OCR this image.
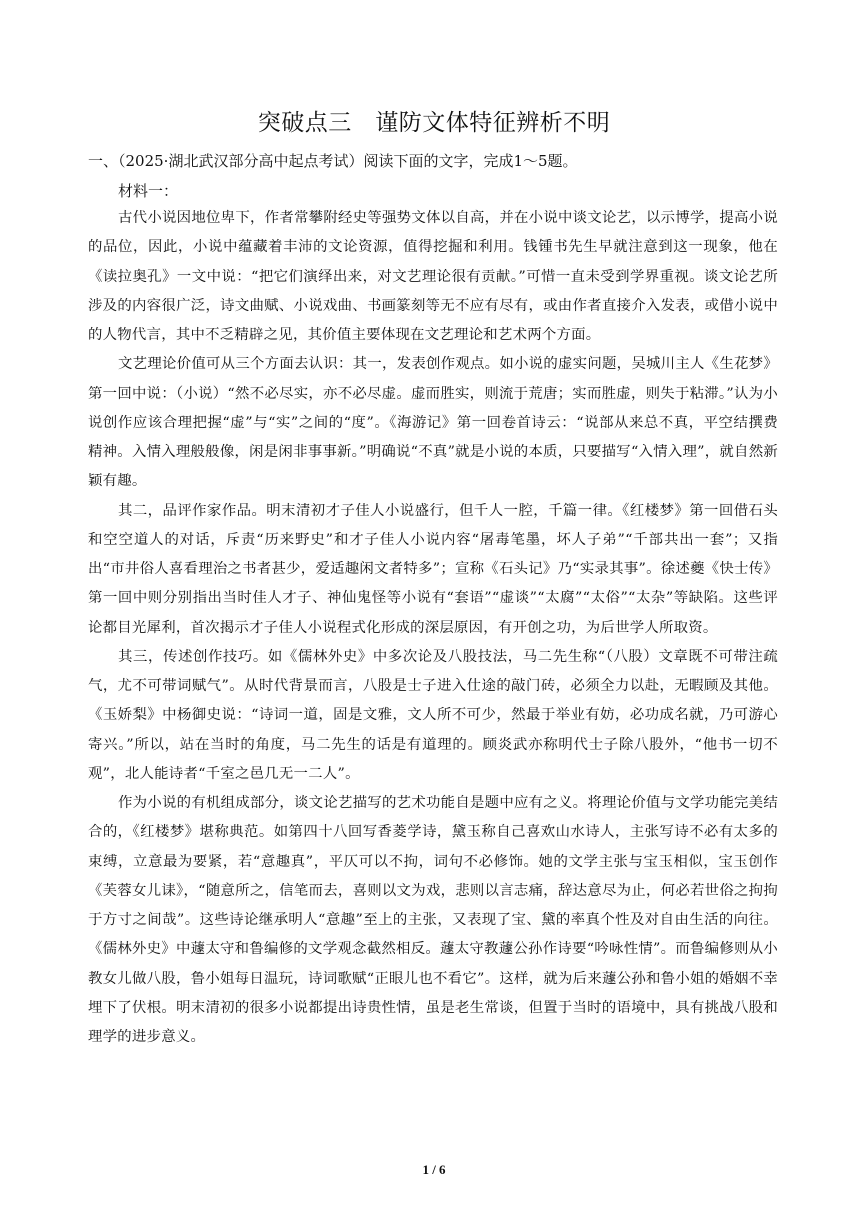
突破点三　谨防文体特征辨析不明
一、（2025·湖北武汉部分高中起点考试）阅读下面的文字，完成1～5题。
材料一：

古代小说因地位卑下，作者常攀附经史等强势文体以自高，并在小说中谈文论艺，以示博学，提高小说的品位，因此，小说中蕴藏着丰沛的文论资源，值得挖掘和利用。钱锺书先生早就注意到这一现象，他在《读拉奥孔》一文中说：“把它们演绎出来，对文艺理论很有贡献。”可惜一直未受到学界重视。谈文论艺所涉及的内容很广泛，诗文曲赋、小说戏曲、书画篆刻等无不应有尽有，或由作者直接介入发表，或借小说中的人物代言，其中不乏精辟之见，其价值主要体现在文艺理论和艺术两个方面。

文艺理论价值可从三个方面去认识：其一，发表创作观点。如小说的虚实问题，吴城川主人《生花梦》第一回中说：（小说）“然不必尽实，亦不必尽虚。虚而胜实，则流于荒唐；实而胜虚，则失于粘滞。”认为小说创作应该合理把握“虚”与“实”之间的“度”。《海游记》第一回卷首诗云：“说部从来总不真，平空结撰费精神。入情入理般般像，闲是闲非事事新。”明确说“不真”就是小说的本质，只要描写“入情入理”，就自然新颖有趣。

其二，品评作家作品。明末清初才子佳人小说盛行，但千人一腔，千篇一律。《红楼梦》第一回借石头和空空道人的对话，斥责“历来野史”和才子佳人小说内容“屠毒笔墨，坏人子弟”“千部共出一套”；又指出“市井俗人喜看理治之书者甚少，爱适趣闲文者特多”；宣称《石头记》乃“实录其事”。徐述夔《快士传》第一回中则分别指出当时佳人才子、神仙鬼怪等小说有“套语”“虚谈”“太腐”“太俗”“太杂”等缺陷。这些评论都目光犀利，首次揭示才子佳人小说程式化形成的深层原因，有开创之功，为后世学人所取资。

其三，传述创作技巧。如《儒林外史》中多次论及八股技法，马二先生称“（八股）文章既不可带注疏气，尤不可带词赋气”。从时代背景而言，八股是士子进入仕途的敲门砖，必须全力以赴，无暇顾及其他。《玉娇梨》中杨御史说：“诗词一道，固是文雅，文人所不可少，然最于举业有妨，必功成名就，乃可游心寄兴。”所以，站在当时的角度，马二先生的话是有道理的。顾炎武亦称明代士子除八股外，“他书一切不观”，北人能诗者“千室之邑几无一二人”。

作为小说的有机组成部分，谈文论艺描写的艺术功能自是题中应有之义。将理论价值与文学功能完美结合的，《红楼梦》堪称典范。如第四十八回写香菱学诗，黛玉称自己喜欢山水诗人，主张写诗不必有太多的束缚，立意最为要紧，若“意趣真”，平仄可以不拘，词句不必修饰。她的文学主张与宝玉相似，宝玉创作《芙蓉女儿诔》，“随意所之，信笔而去，喜则以文为戏，悲则以言志痛，辞达意尽为止，何必若世俗之拘拘于方寸之间哉”。这些诗论继承明人“意趣”至上的主张，又表现了宝、黛的率真个性及对自由生活的向往。《儒林外史》中蘧太守和鲁编修的文学观念截然相反。蘧太守教蘧公孙作诗要“吟咏性情”。而鲁编修则从小教女儿做八股，鲁小姐每日温玩，诗词歌赋“正眼儿也不看它”。这样，就为后来蘧公孙和鲁小姐的婚姻不幸埋下了伏根。明末清初的很多小说都提出诗贵性情，虽是老生常谈，但置于当时的语境中，具有挑战八股和理学的进步意义。

1 / 6
